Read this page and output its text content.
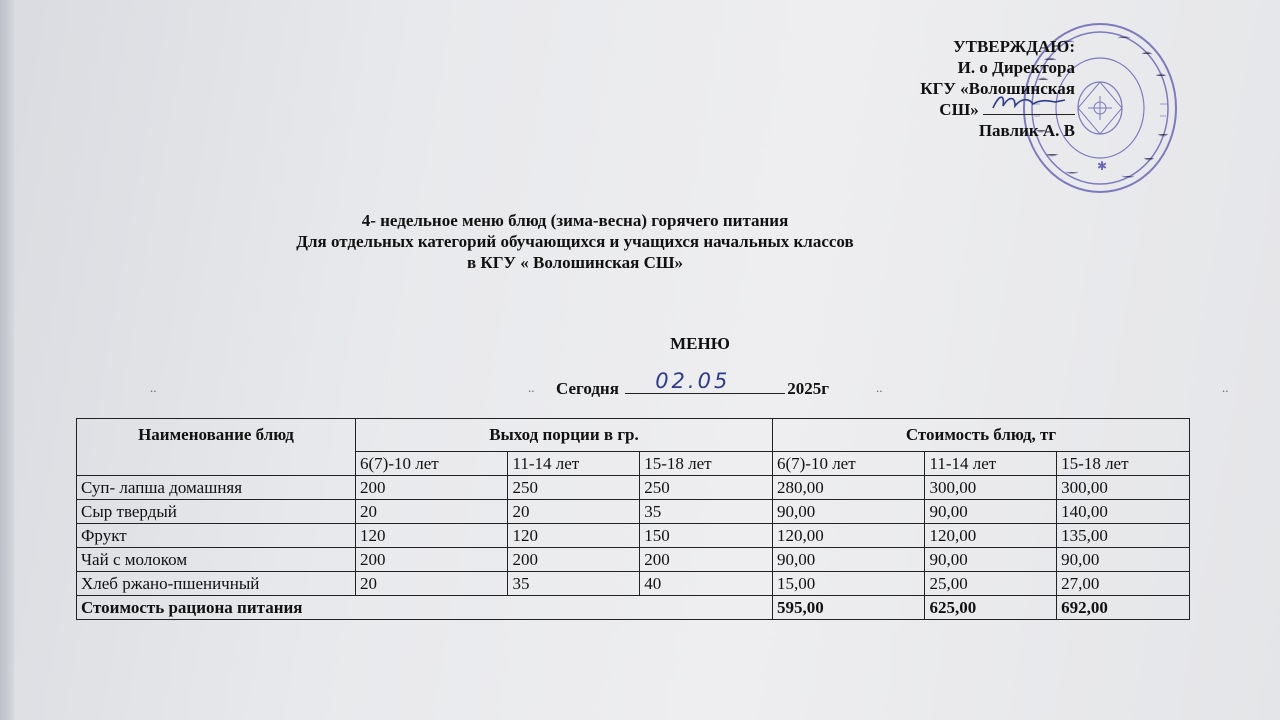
✱
УТВЕРЖДАЮ:
И. о Директора
КГУ «Волошинская
СШ»
Павлик А. В
4- недельное меню блюд (зима-весна) горячего питания
Для отдельных категорий обучающихся и учащихся начальных классов
в КГУ « Волошинская СШ»
МЕНЮ
..	..	..	..
Сегодня 02.05	2025г
Наименование блюд	Выход порции в гр.			Стоимость блюд, тг		
	6(7)-10 лет	11-14 лет	15-18 лет	6(7)-10 лет	11-14 лет	15-18 лет
Суп- лапша домашняя	200	250	250	280,00	300,00	300,00
Сыр твердый	20	20	35	90,00	90,00	140,00
Фрукт	120	120	150	120,00	120,00	135,00
Чай с молоком	200	200	200	90,00	90,00	90,00
Хлеб ржано-пшеничный	20	35	40	15,00	25,00	27,00
Стоимость рациона питания				595,00	625,00	692,00
